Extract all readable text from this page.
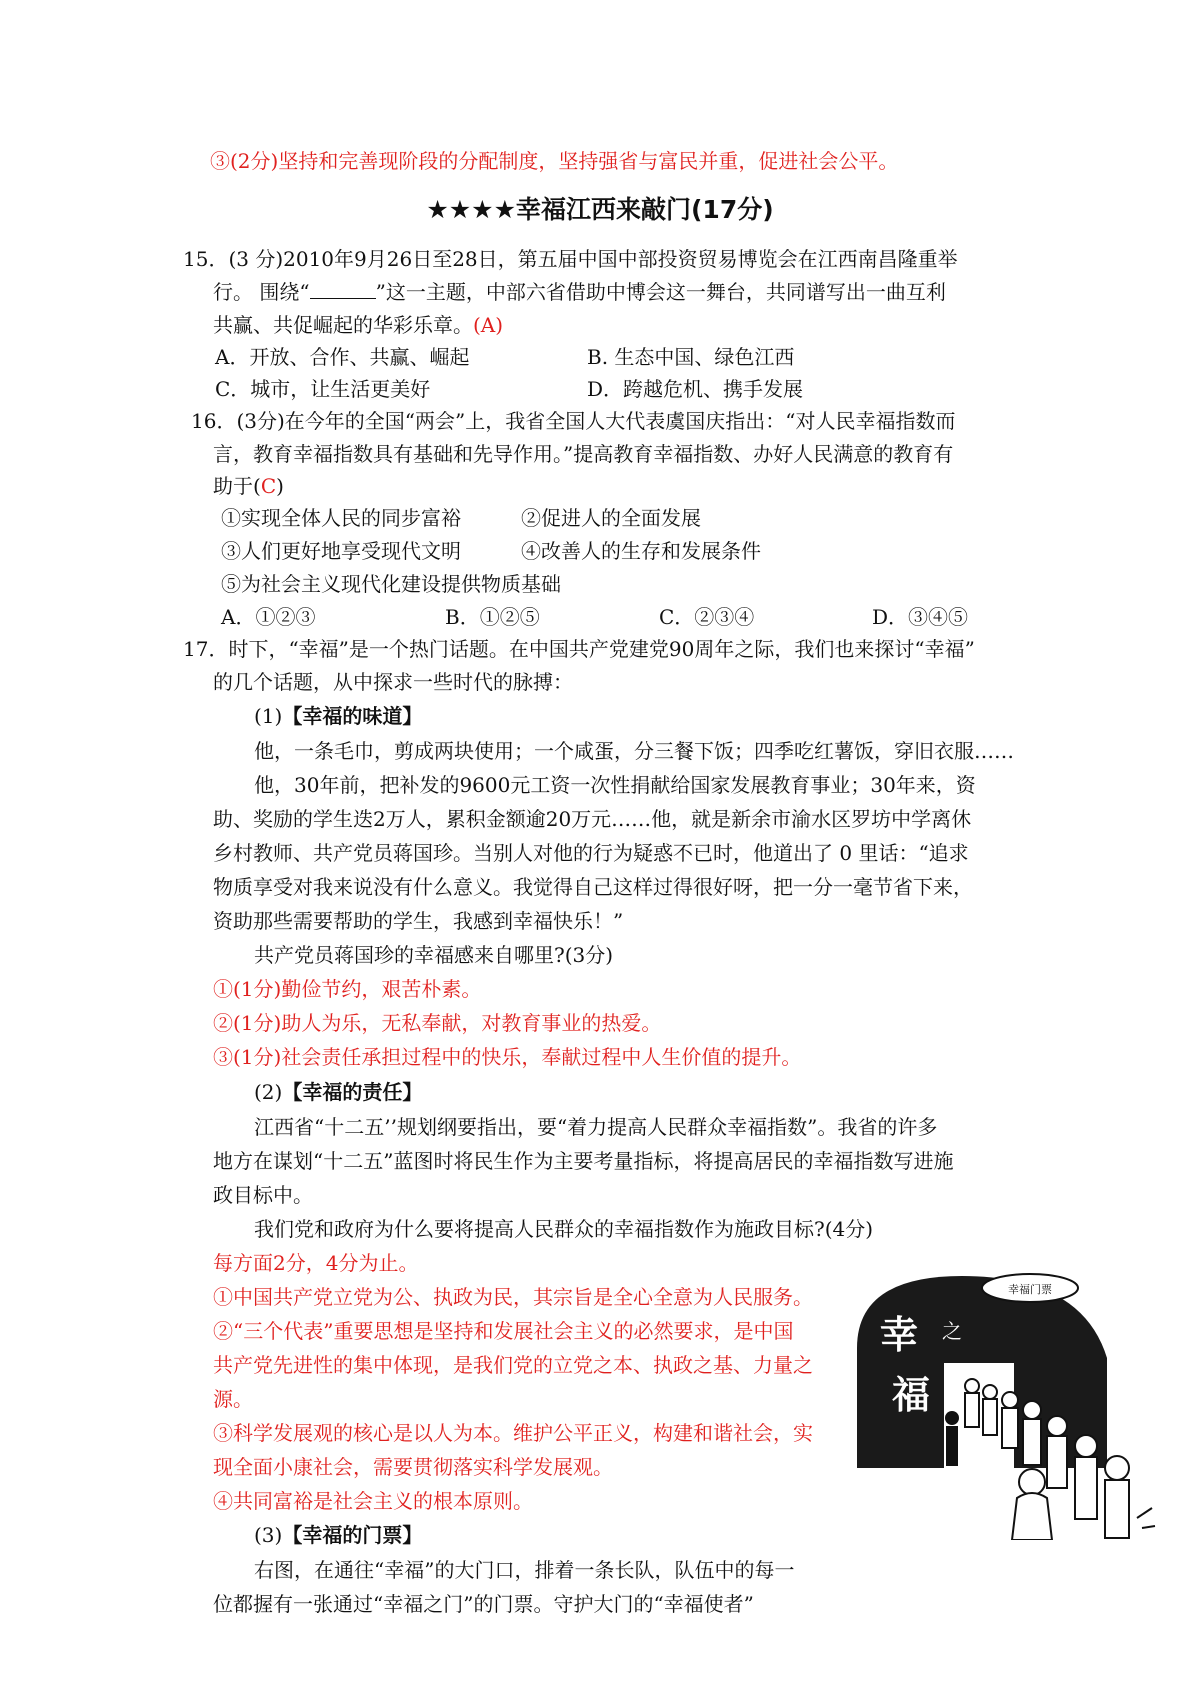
③(2分)坚持和完善现阶段的分配制度，坚持强省与富民并重，促进社会公平。
★★★★幸福江西来敲门(17分)
15．(3 分)2010年9月26日至28日，第五届中国中部投资贸易博览会在江西南昌隆重举
行。 围绕“	”这一主题，中部六省借助中博会这一舞台，共同谱写出一曲互利
共赢、共促崛起的华彩乐章。(A)
A．开放、合作、共赢、崛起	B. 生态中国、绿色江西
C．城市，让生活更美好	D．跨越危机、携手发展
16．(3分)在今年的全国“两会”上，我省全国人大代表虞国庆指出：“对人民幸福指数而
言，教育幸福指数具有基础和先导作用。”提高教育幸福指数、办好人民满意的教育有
助于(C)
①实现全体人民的同步富裕	②促进人的全面发展
③人们更好地享受现代文明	④改善人的生存和发展条件
⑤为社会主义现代化建设提供物质基础
A．①②③	B．①②⑤	C．②③④	D．③④⑤
17．时下，“幸福”是一个热门话题。在中国共产党建党90周年之际，我们也来探讨“幸福”
的几个话题，从中探求一些时代的脉搏：
(1)【幸福的味道】
他，一条毛巾，剪成两块使用；一个咸蛋，分三餐下饭；四季吃红薯饭，穿旧衣服……
他，30年前，把补发的9600元工资一次性捐献给国家发展教育事业；30年来，资
助、奖励的学生迭2万人，累积金额逾20万元……他，就是新余市渝水区罗坊中学离休
乡村教师、共产党员蒋国珍。当别人对他的行为疑惑不已时，他道出了 0 里话：“追求
物质享受对我来说没有什么意义。我觉得自己这样过得很好呀，把一分一毫节省下来，
资助那些需要帮助的学生，我感到幸福快乐！”
共产党员蒋国珍的幸福感来自哪里?(3分)
①(1分)勤俭节约，艰苦朴素。
②(1分)助人为乐，无私奉献，对教育事业的热爱。
③(1分)社会责任承担过程中的快乐，奉献过程中人生价值的提升。
(2)【幸福的责任】
江西省“十二五’’规划纲要指出，要“着力提高人民群众幸福指数”。我省的许多
地方在谋划“十二五”蓝图时将民生作为主要考量指标，将提高居民的幸福指数写进施
政目标中。
我们党和政府为什么要将提高人民群众的幸福指数作为施政目标?(4分)
每方面2分，4分为止。
①中国共产党立党为公、执政为民，其宗旨是全心全意为人民服务。
②“三个代表”重要思想是坚持和发展社会主义的必然要求，是中国
共产党先进性的集中体现，是我们党的立党之本、执政之基、力量之
源。
③科学发展观的核心是以人为本。维护公平正义，构建和谐社会，实
现全面小康社会，需要贯彻落实科学发展观。
④共同富裕是社会主义的根本原则。
(3)【幸福的门票】
右图，在通往“幸福”的大门口，排着一条长队，队伍中的每一
位都握有一张通过“幸福之门”的门票。守护大门的“幸福使者”
幸福门票
幸 之
福
